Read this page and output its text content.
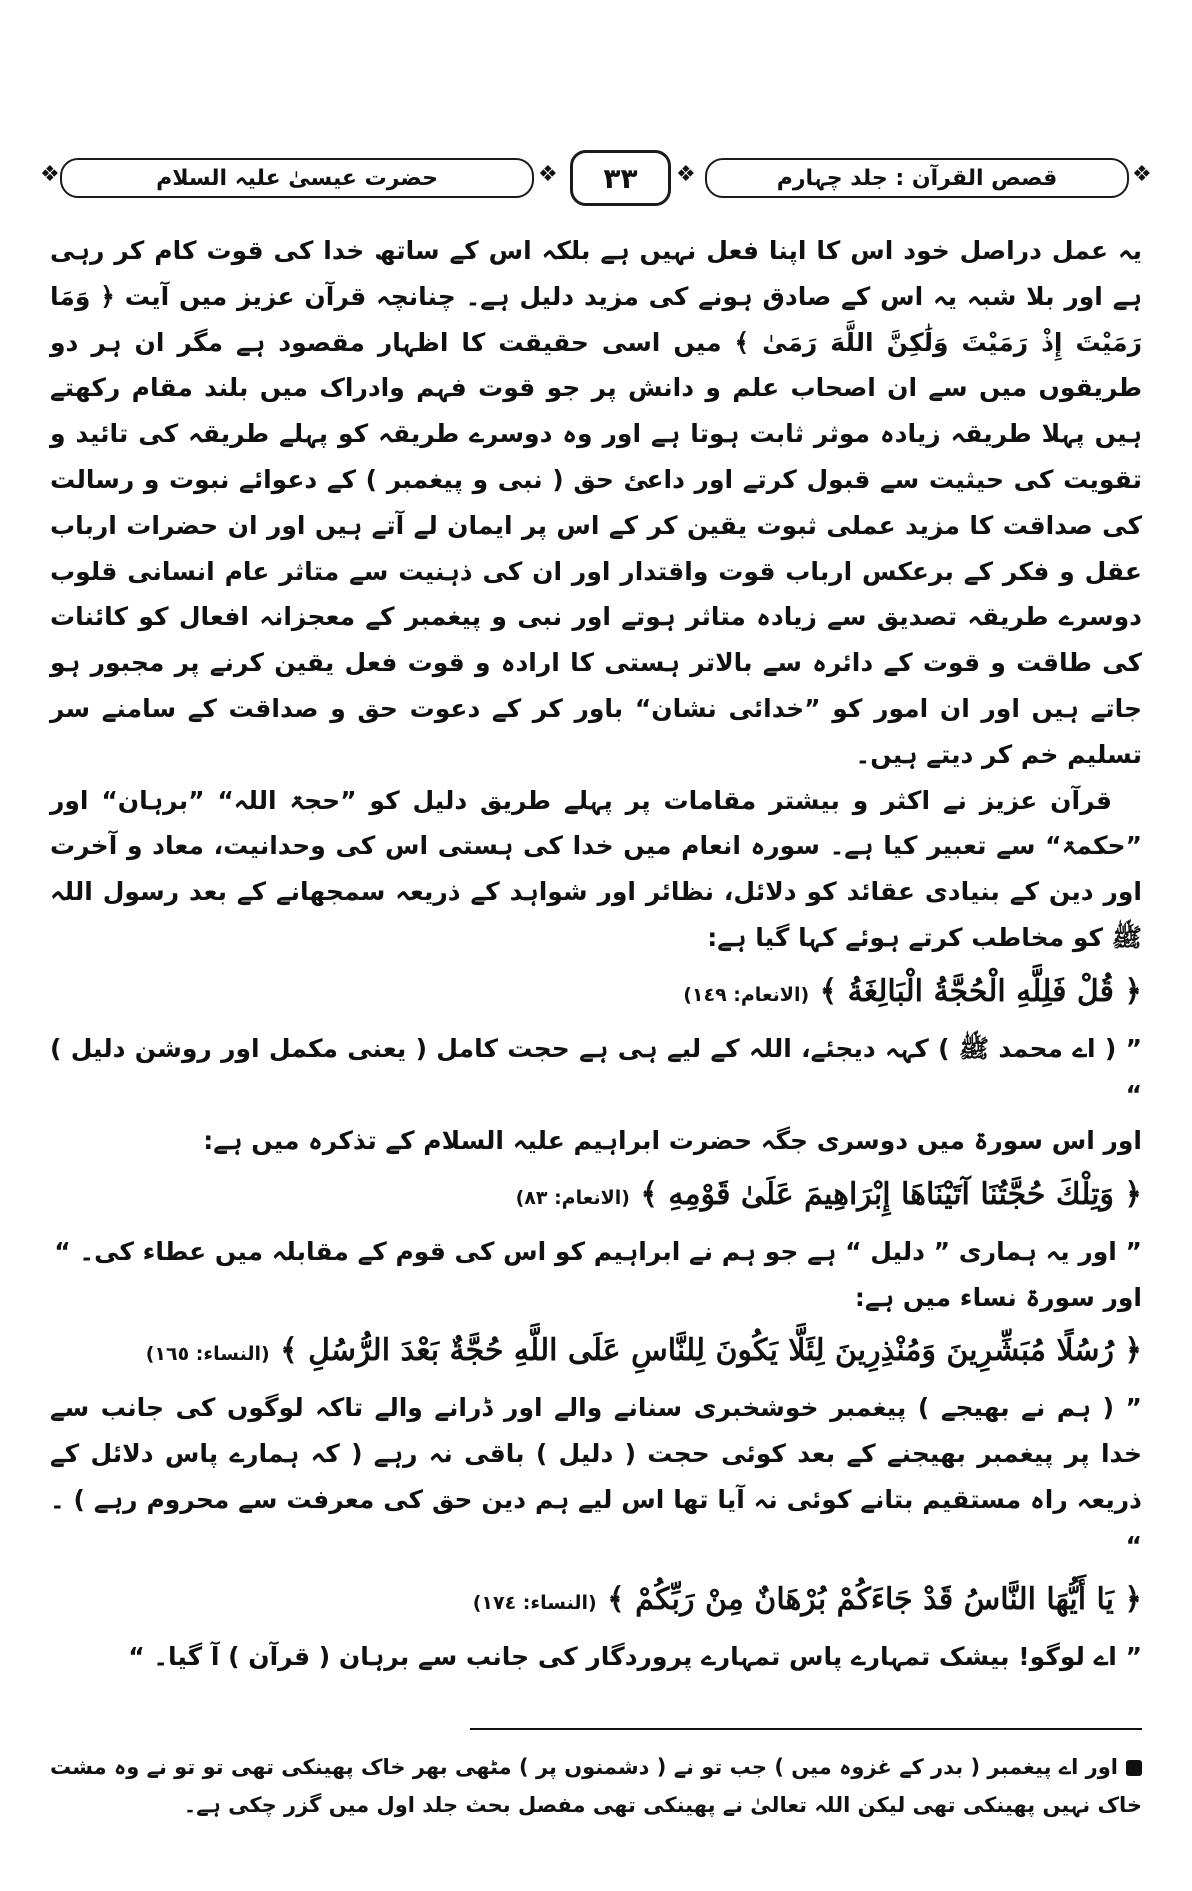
❖	حضرت عیسیٰ علیہ السلام	❖	٣٣	❖	قصص القرآن : جلد چہارم	❖

یہ عمل دراصل خود اس کا اپنا فعل نہیں ہے بلکہ اس کے ساتھ خدا کی قوت کام کر رہی ہے اور بلا شبہ یہ اس کے صادق ہونے کی مزید دلیل ہے۔ چنانچہ قرآن عزیز میں آیت ﴿ وَمَا رَمَيْتَ إِذْ رَمَيْتَ وَلَٰكِنَّ اللَّهَ رَمَىٰ ﴾ میں اسی حقیقت کا اظہار مقصود ہے مگر ان ہر دو طریقوں میں سے ان اصحاب علم و دانش پر جو قوت فہم وادراک میں بلند مقام رکھتے ہیں پہلا طریقہ زیادہ موثر ثابت ہوتا ہے اور وہ دوسرے طریقہ کو پہلے طریقہ کی تائید و تقویت کی حیثیت سے قبول کرتے اور داعئ حق ( نبی و پیغمبر ) کے دعوائے نبوت و رسالت کی صداقت کا مزید عملی ثبوت یقین کر کے اس پر ایمان لے آتے ہیں اور ان حضرات ارباب عقل و فکر کے برعکس ارباب قوت واقتدار اور ان کی ذہنیت سے متاثر عام انسانی قلوب دوسرے طریقہ تصدیق سے زیادہ متاثر ہوتے اور نبی و پیغمبر کے معجزانہ افعال کو کائنات کی طاقت و قوت کے دائرہ سے بالاتر ہستی کا ارادہ و قوت فعل یقین کرنے پر مجبور ہو جاتے ہیں اور ان امور کو ”خدائی نشان“ باور کر کے دعوت حق و صداقت کے سامنے سر تسلیم خم کر دیتے ہیں۔

قرآن عزیز نے اکثر و بیشتر مقامات پر پہلے طریق دلیل کو ”حجۃ اللہ“ ”برہان“ اور ”حکمۃ“ سے تعبیر کیا ہے۔ سورہ انعام میں خدا کی ہستی اس کی وحدانیت، معاد و آخرت اور دین کے بنیادی عقائد کو دلائل، نظائر اور شواہد کے ذریعہ سمجھانے کے بعد رسول اللہ ﷺ کو مخاطب کرتے ہوئے کہا گیا ہے:

﴿ قُلْ فَلِلَّهِ الْحُجَّةُ الْبَالِغَةُ ﴾ (الانعام: ١٤٩)

” ( اے محمد ﷺ ) کہہ دیجئے، اللہ کے لیے ہی ہے حجت کامل ( یعنی مکمل اور روشن دلیل ) “

اور اس سورۃ میں دوسری جگہ حضرت ابراہیم علیہ السلام کے تذکرہ میں ہے:

﴿ وَتِلْكَ حُجَّتُنَا آتَيْنَاهَا إِبْرَاهِيمَ عَلَىٰ قَوْمِهِ ﴾ (الانعام: ٨٣)

” اور یہ ہماری ” دلیل “ ہے جو ہم نے ابراہیم کو اس کی قوم کے مقابلہ میں عطاء کی۔ “

اور سورۃ نساء میں ہے:

﴿ رُسُلًا مُبَشِّرِينَ وَمُنْذِرِينَ لِئَلَّا يَكُونَ لِلنَّاسِ عَلَى اللَّهِ حُجَّةٌ بَعْدَ الرُّسُلِ ﴾ (النساء: ١٦٥)

” ( ہم نے بھیجے ) پیغمبر خوشخبری سنانے والے اور ڈرانے والے تاکہ لوگوں کی جانب سے خدا پر پیغمبر بھیجنے کے بعد کوئی حجت ( دلیل ) باقی نہ رہے ( کہ ہمارے پاس دلائل کے ذریعہ راہ مستقیم بتانے کوئی نہ آیا تھا اس لیے ہم دین حق کی معرفت سے محروم رہے ) ۔ “

﴿ يَا أَيُّهَا النَّاسُ قَدْ جَاءَكُمْ بُرْهَانٌ مِنْ رَبِّكُمْ ﴾ (النساء: ١٧٤)

” اے لوگو! بیشک تمہارے پاس تمہارے پروردگار کی جانب سے برہان ( قرآن ) آ گیا۔ “

اور اے پیغمبر ( بدر کے غزوہ میں ) جب تو نے ( دشمنوں پر ) مٹھی بھر خاک پھینکی تھی تو تو نے وہ مشت خاک نہیں پھینکی تھی لیکن اللہ تعالیٰ نے پھینکی تھی مفصل بحث جلد اول میں گزر چکی ہے۔
